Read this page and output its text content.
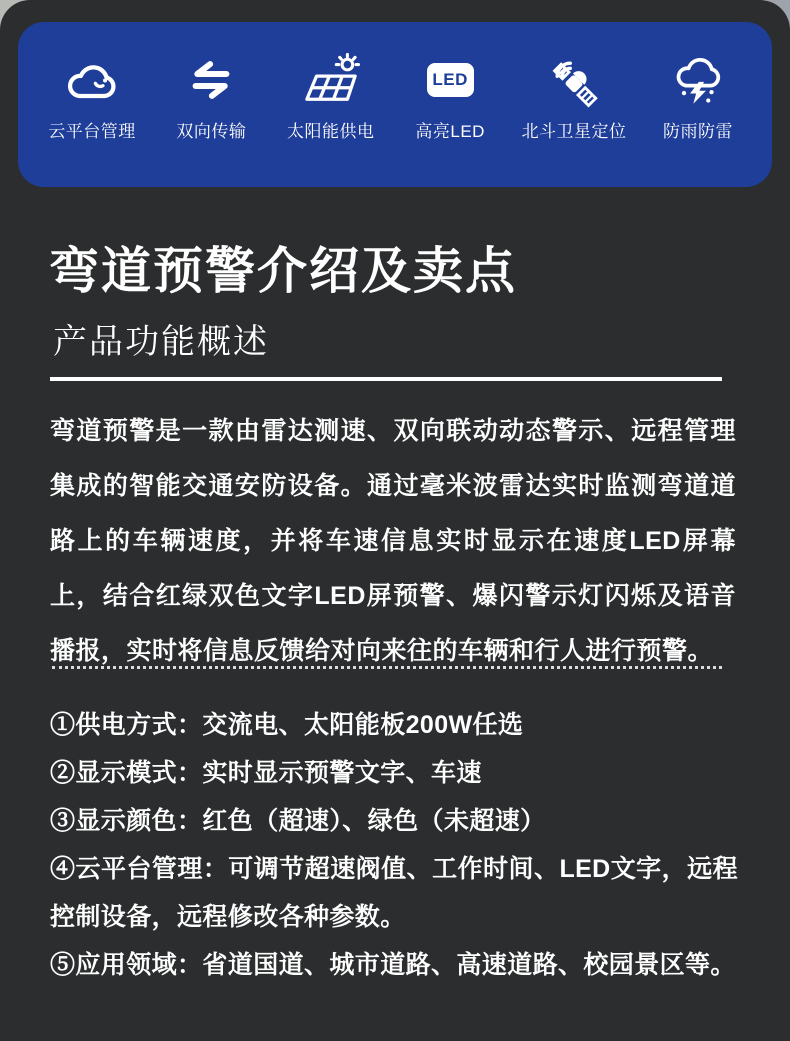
云平台管理 双向传输 太阳能供电
LED
高亮LED 北斗卫星定位 防雨防雷
弯道预警介绍及卖点
产品功能概述
弯道预警是一款由雷达测速、双向联动动态警示、远程管理集成的智能交通安防设备。通过毫米波雷达实时监测弯道道路上的车辆速度，并将车速信息实时显示在速度LED屏幕上，结合红绿双色文字LED屏预警、爆闪警示灯闪烁及语音播报，实时将信息反馈给对向来往的车辆和行人进行预警。
①供电方式：交流电、太阳能板200W任选
②显示模式：实时显示预警文字、车速
③显示颜色：红色（超速）、绿色（未超速）
④云平台管理：可调节超速阀值、工作时间、LED文字，远程控制设备，远程修改各种参数。
⑤应用领域：省道国道、城市道路、高速道路、校园景区等。
